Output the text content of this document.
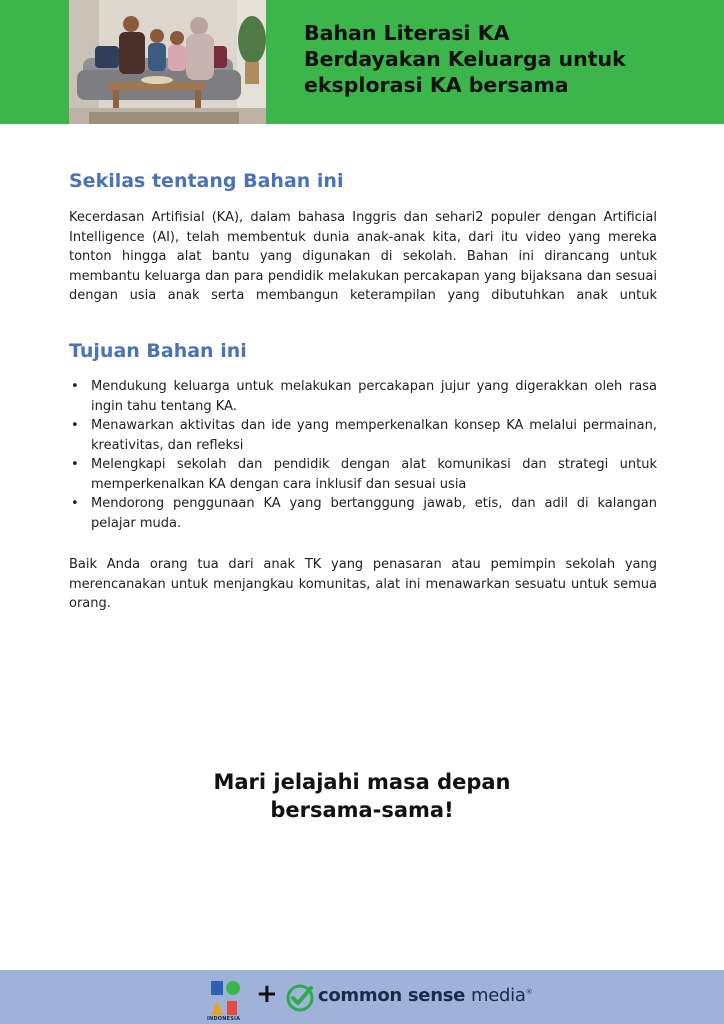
Bahan Literasi KA
Berdayakan Keluarga untuk
eksplorasi KA bersama
Sekilas tentang Bahan ini

Kecerdasan Artifisial (KA), dalam bahasa Inggris dan sehari2 populer dengan Artificial Intelligence (AI), telah membentuk dunia anak-anak kita, dari itu video yang mereka tonton hingga alat bantu yang digunakan di sekolah. Bahan ini dirancang untuk membantu keluarga dan para pendidik melakukan percakapan yang bijaksana dan sesuai dengan usia anak serta membangun keterampilan yang dibutuhkan anak untuk

Tujuan Bahan ini
• Mendukung keluarga untuk melakukan percakapan jujur yang digerakkan oleh rasa ingin tahu tentang KA.
• Menawarkan aktivitas dan ide yang memperkenalkan konsep KA melalui permainan, kreativitas, dan refleksi
• Melengkapi sekolah dan pendidik dengan alat komunikasi dan strategi untuk memperkenalkan KA dengan cara inklusif dan sesuai usia
• Mendorong penggunaan KA yang bertanggung jawab, etis, dan adil di kalangan pelajar muda.

Baik Anda orang tua dari anak TK yang penasaran atau pemimpin sekolah yang merencanakan untuk menjangkau komunitas, alat ini menawarkan sesuatu untuk semua orang.

Mari jelajahi masa depan
bersama-sama!
INDONESIA
+ common sense media®
